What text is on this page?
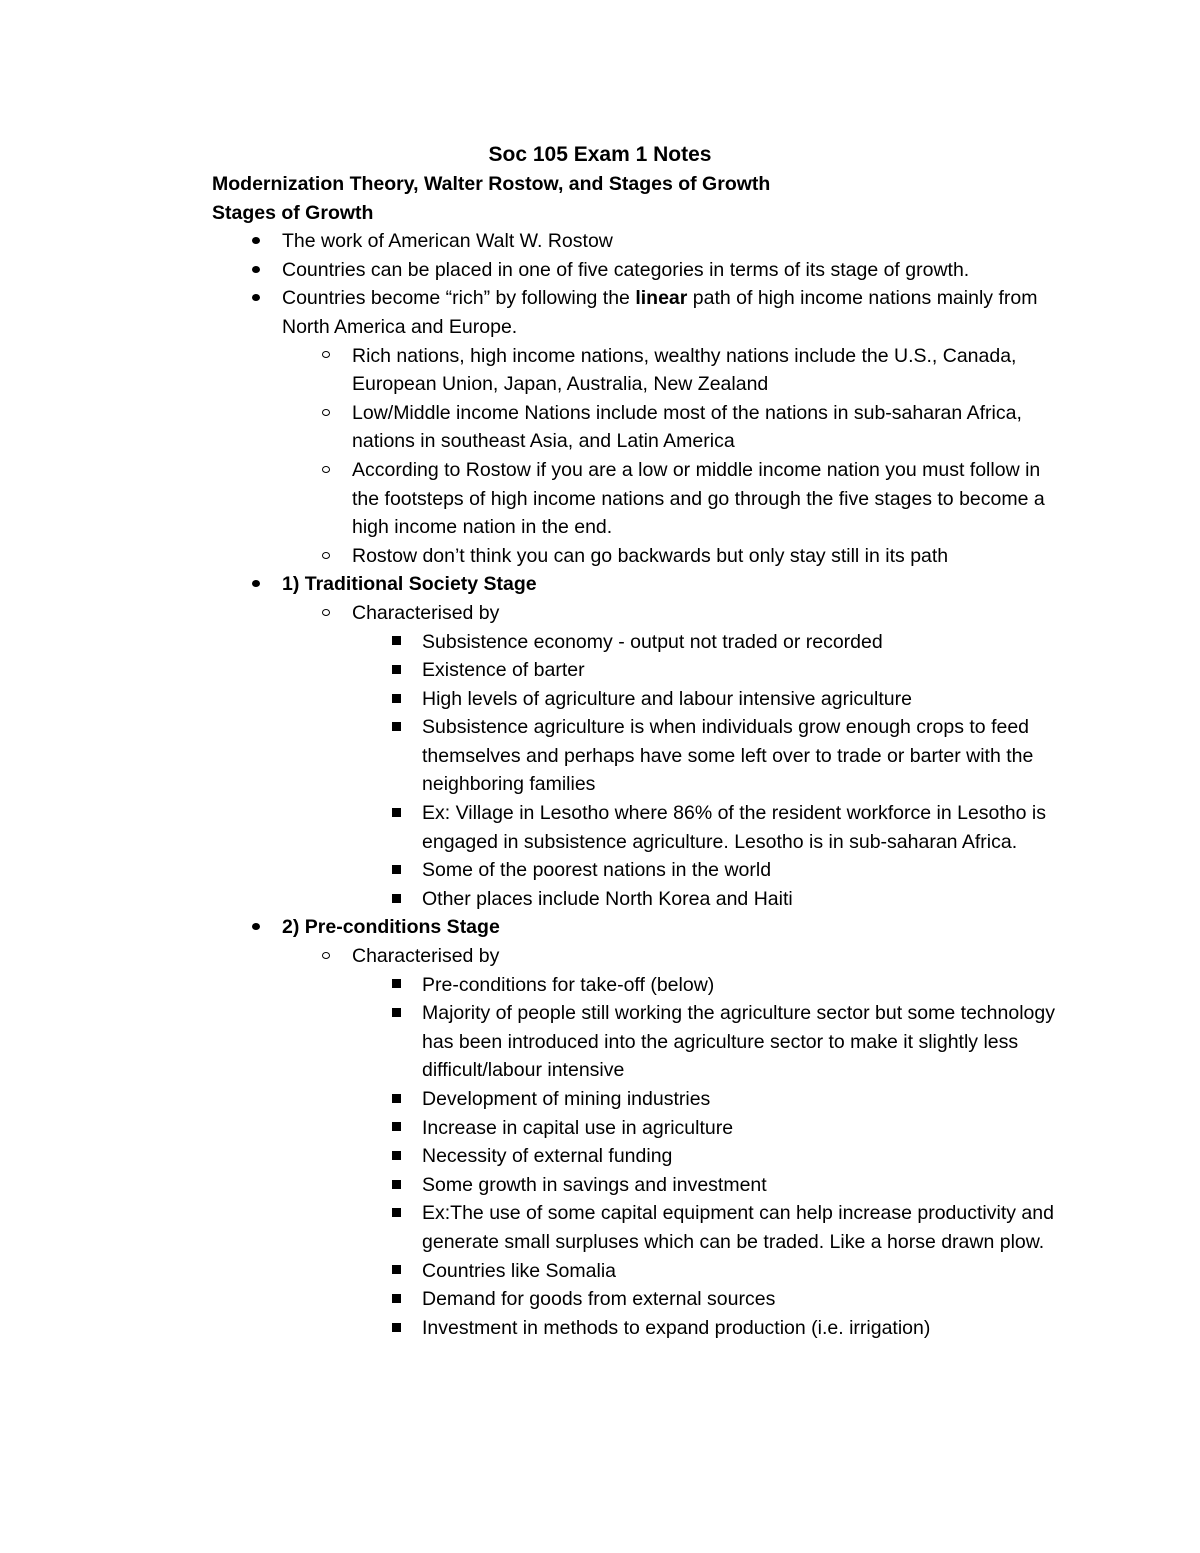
Soc 105 Exam 1 Notes
Modernization Theory, Walter Rostow, and Stages of Growth
Stages of Growth
The work of American Walt W. Rostow
Countries can be placed in one of five categories in terms of its stage of growth.
Countries become “rich” by following the linear path of high income nations mainly from North America and Europe.
Rich nations, high income nations, wealthy nations include the U.S., Canada, European Union, Japan, Australia, New Zealand
Low/Middle income Nations include most of the nations in sub-saharan Africa, nations in southeast Asia, and Latin America
According to Rostow if you are a low or middle income nation you must follow in the footsteps of high income nations and go through the five stages to become a high income nation in the end.
Rostow don’t think you can go backwards but only stay still in its path
1) Traditional Society Stage
Characterised by
Subsistence economy - output not traded or recorded
Existence of barter
High levels of agriculture and labour intensive agriculture
Subsistence agriculture is when individuals grow enough crops to feed themselves and perhaps have some left over to trade or barter with the neighboring families
Ex: Village in Lesotho where 86% of the resident workforce in Lesotho is engaged in subsistence agriculture. Lesotho is in sub-saharan Africa.
Some of the poorest nations in the world
Other places include North Korea and Haiti
2) Pre-conditions Stage
Characterised by
Pre-conditions for take-off (below)
Majority of people still working the agriculture sector but some technology has been introduced into the agriculture sector to make it slightly less difficult/labour intensive
Development of mining industries
Increase in capital use in agriculture
Necessity of external funding
Some growth in savings and investment
Ex:The use of some capital equipment can help increase productivity and generate small surpluses which can be traded. Like a horse drawn plow.
Countries like Somalia
Demand for goods from external sources
Investment in methods to expand production (i.e. irrigation)
